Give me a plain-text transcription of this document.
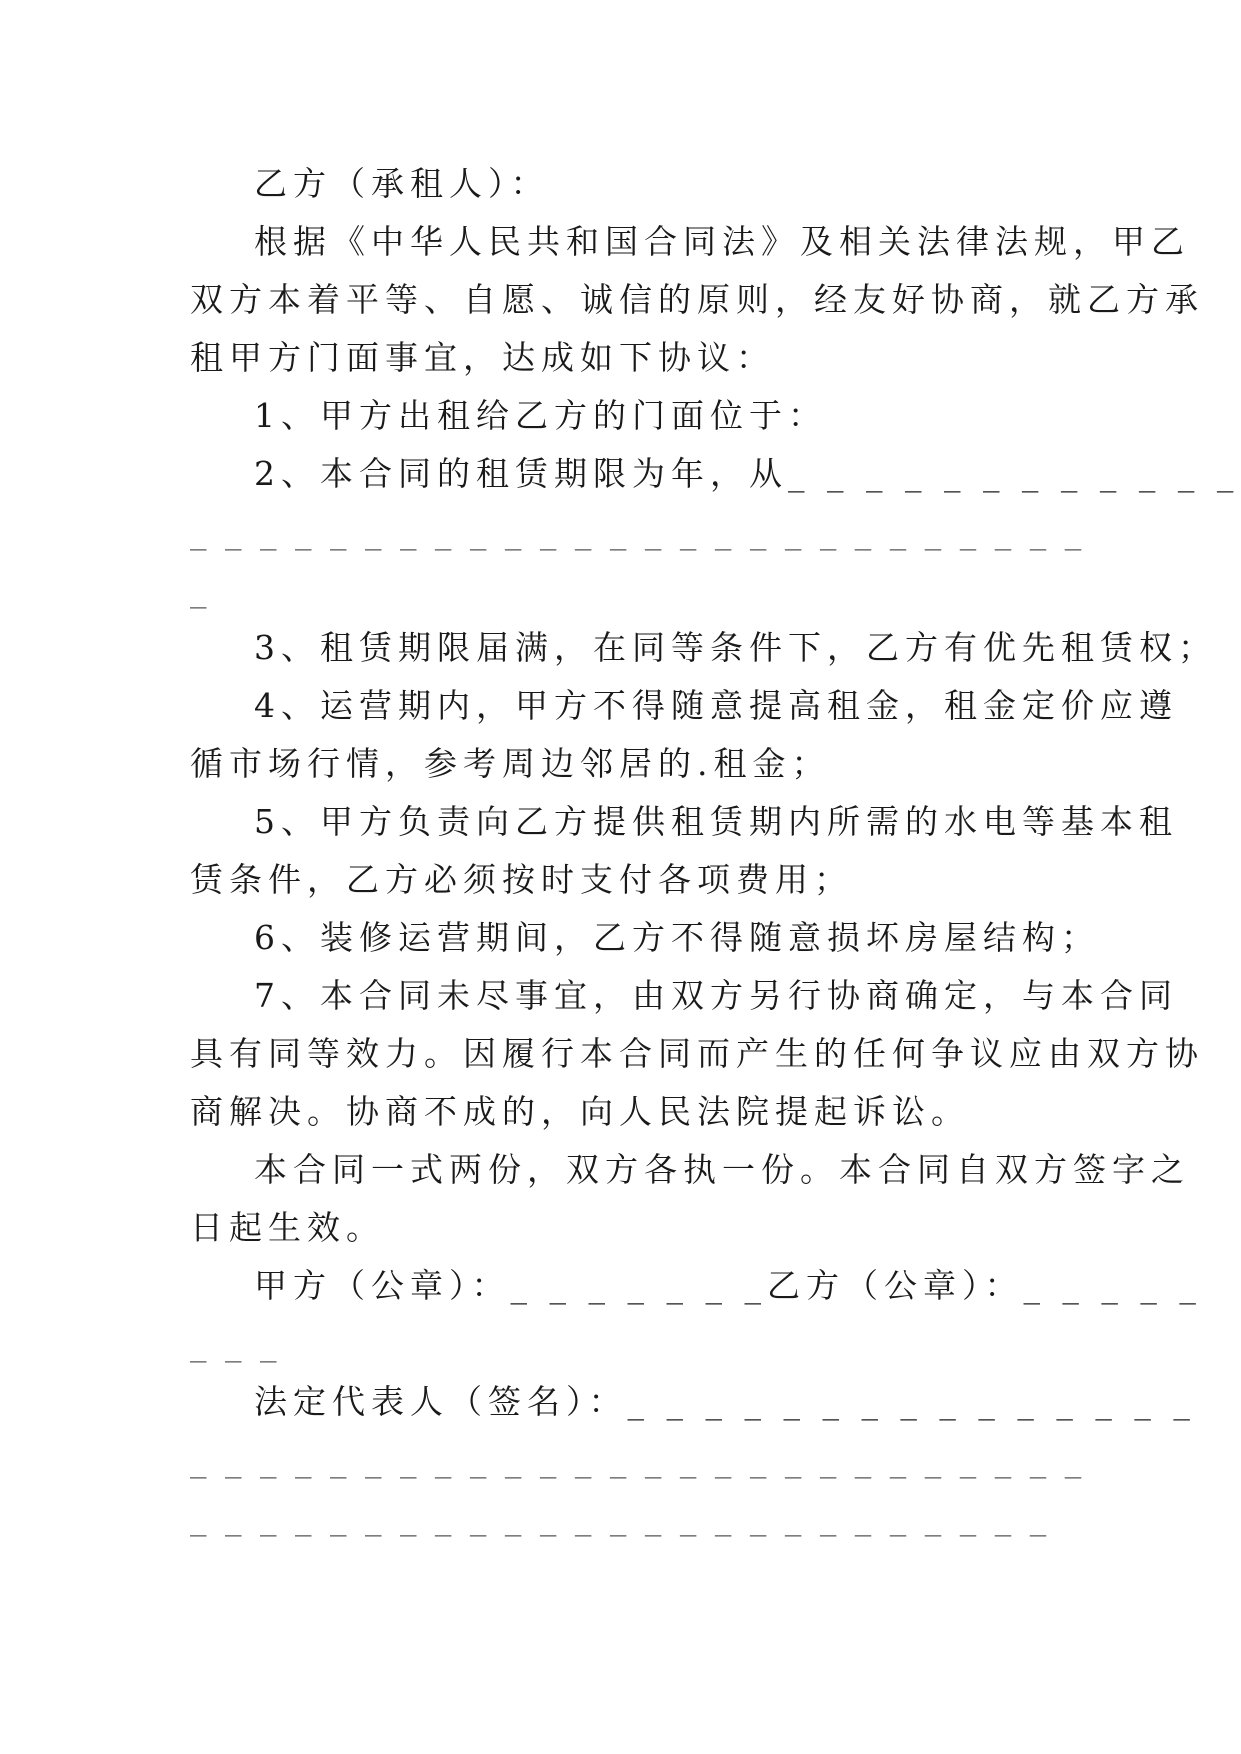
乙方（承租人）：
根据《中华人民共和国合同法》及相关法律法规，甲乙
双方本着平等、自愿、诚信的原则，经友好协商，就乙方承
租甲方门面事宜，达成如下协议：
1、甲方出租给乙方的门面位于：
2、本合同的租赁期限为年，从_ _ _ _ _ _ _ _ _ _ _ _
_ _ _ _ _ _ _ _ _ _ _ _ _ _ _ _ _ _ _ _ _ _ _ _ _ _
_
3、租赁期限届满，在同等条件下，乙方有优先租赁权；
4、运营期内，甲方不得随意提高租金，租金定价应遵
循市场行情，参考周边邻居的.租金；
5、甲方负责向乙方提供租赁期内所需的水电等基本租
赁条件，乙方必须按时支付各项费用；
6、装修运营期间，乙方不得随意损坏房屋结构；
7、本合同未尽事宜，由双方另行协商确定，与本合同
具有同等效力。因履行本合同而产生的任何争议应由双方协
商解决。协商不成的，向人民法院提起诉讼。
本合同一式两份，双方各执一份。本合同自双方签字之
日起生效。
甲方（公章）：_ _ _ _ _ _ _乙方（公章）：_ _ _ _ _
_ _ _
法定代表人（签名）：_ _ _ _ _ _ _ _ _ _ _ _ _ _ _
_ _ _ _ _ _ _ _ _ _ _ _ _ _ _ _ _ _ _ _ _ _ _ _ _ _
_ _ _ _ _ _ _ _ _ _ _ _ _ _ _ _ _ _ _ _ _ _ _ _ _
